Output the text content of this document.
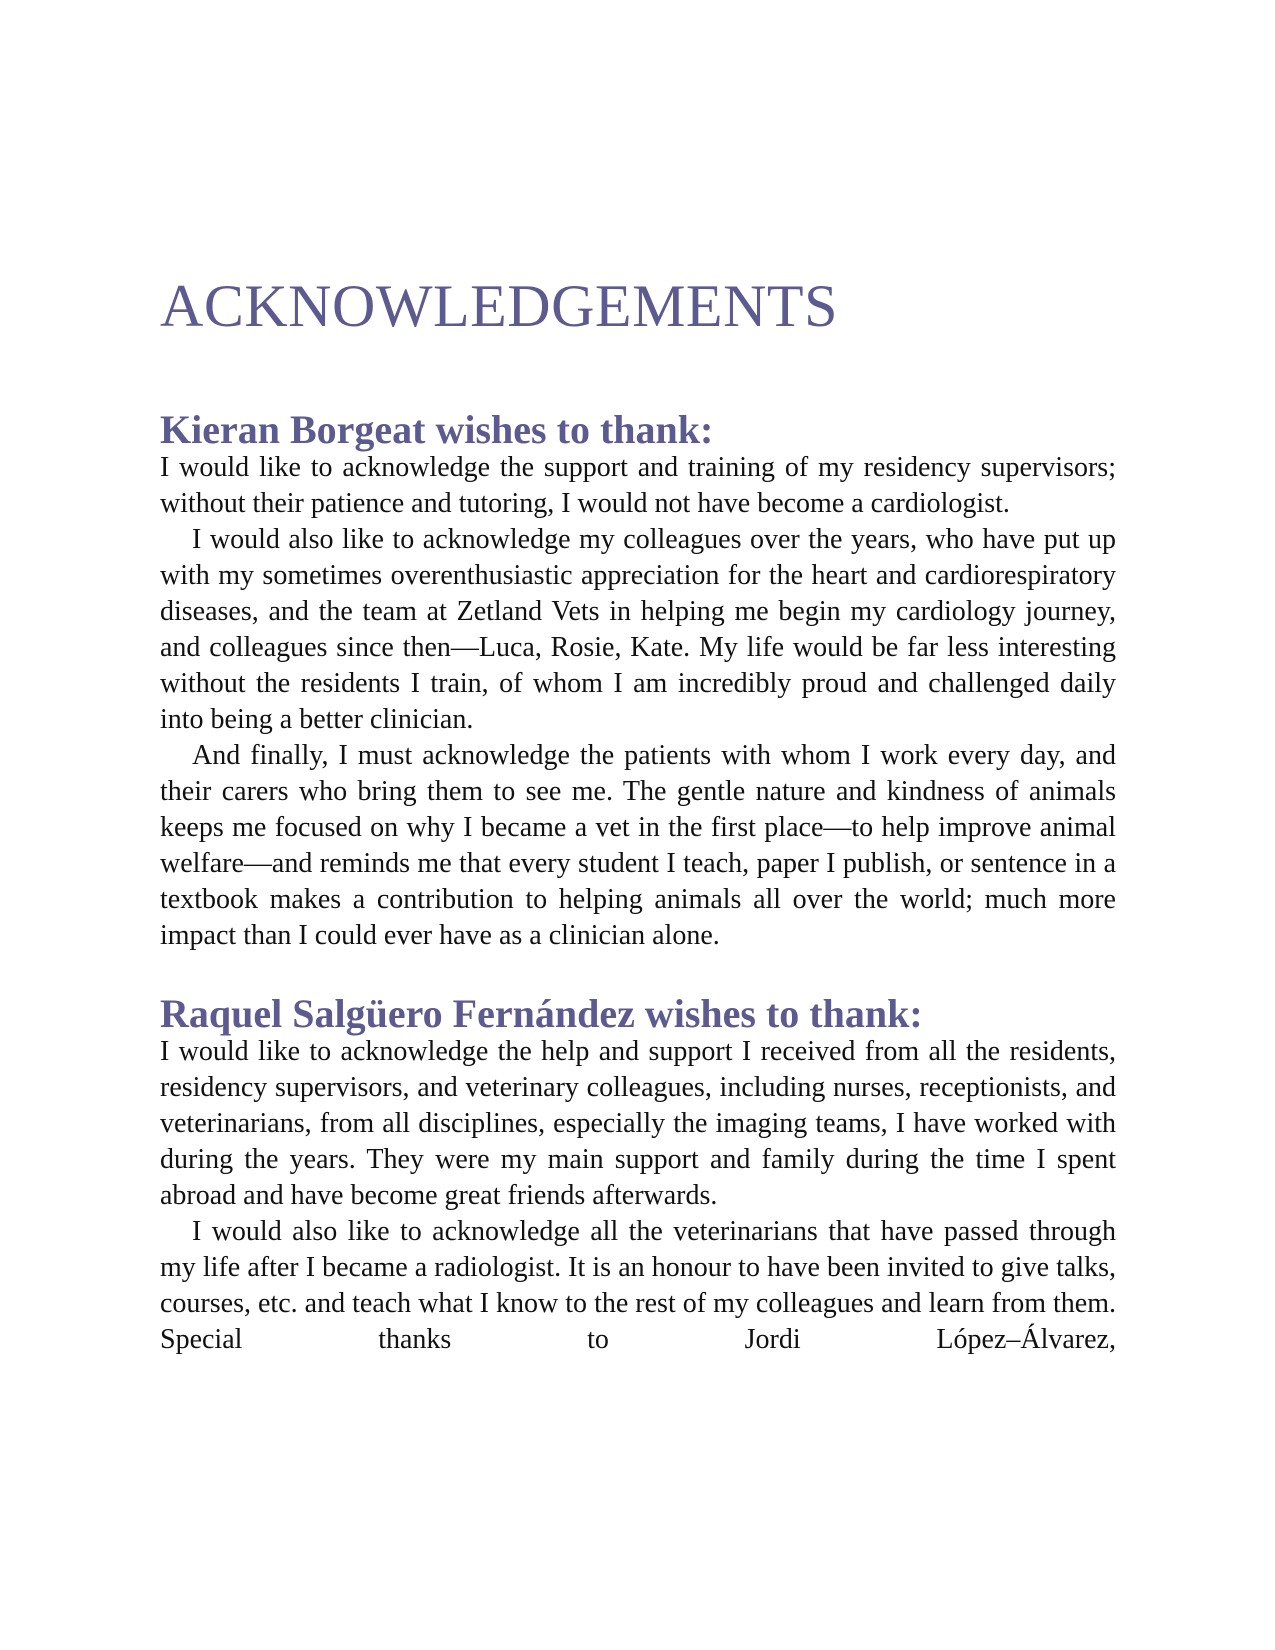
ACKNOWLEDGEMENTS
Kieran Borgeat wishes to thank:

I would like to acknowledge the support and training of my residency supervisors; without their patience and tutoring, I would not have become a cardiologist.

I would also like to acknowledge my colleagues over the years, who have put up with my sometimes overenthusiastic appreciation for the heart and cardiorespiratory diseases, and the team at Zetland Vets in helping me begin my cardiology journey, and colleagues since then—Luca, Rosie, Kate. My life would be far less interesting without the residents I train, of whom I am incredibly proud and challenged daily into being a better clinician.

And finally, I must acknowledge the patients with whom I work every day, and their carers who bring them to see me. The gentle nature and kindness of animals keeps me focused on why I became a vet in the first place—to help improve animal welfare—and reminds me that every student I teach, paper I publish, or sentence in a textbook makes a contribution to helping animals all over the world; much more impact than I could ever have as a clinician alone.

Raquel Salgüero Fernández wishes to thank:

I would like to acknowledge the help and support I received from all the residents, residency supervisors, and veterinary colleagues, including nurses, receptionists, and veterinarians, from all disciplines, especially the imaging teams, I have worked with during the years. They were my main support and family during the time I spent abroad and have become great friends afterwards.

I would also like to acknowledge all the veterinarians that have passed through my life after I became a radiologist. It is an honour to have been invited to give talks, courses, etc. and teach what I know to the rest of my colleagues and learn from them. Special thanks to Jordi López–Álvarez,
